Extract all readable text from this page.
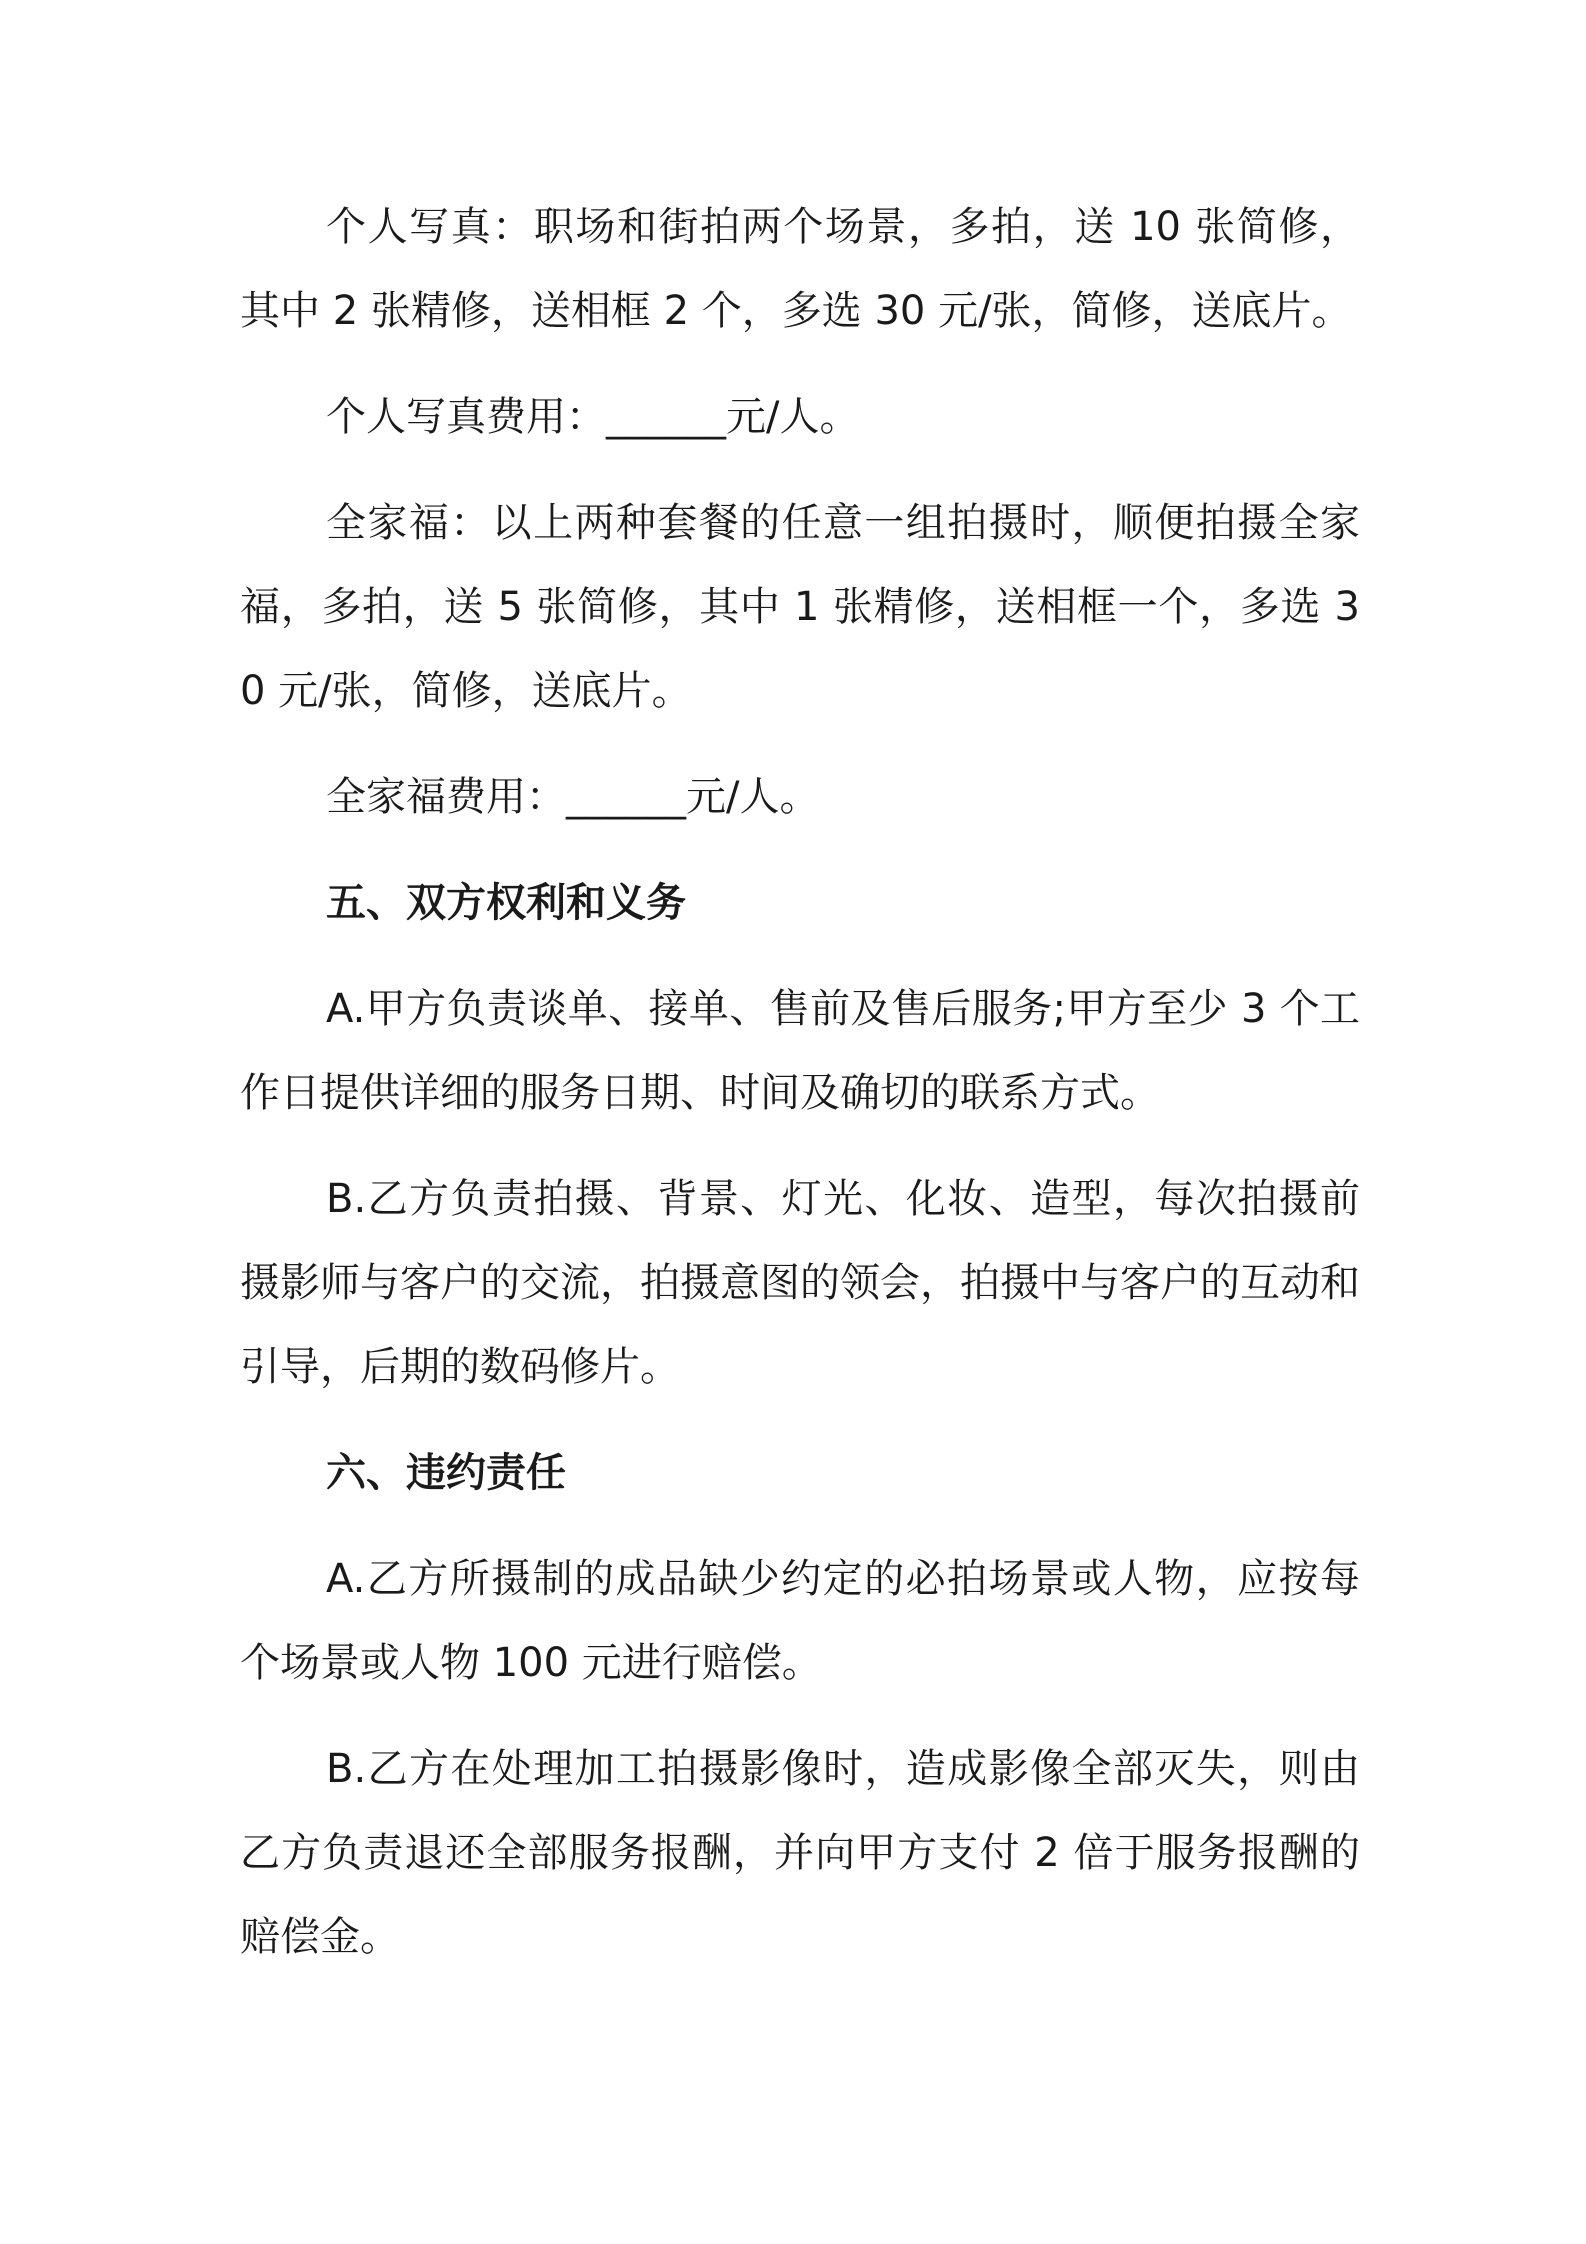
个人写真：职场和街拍两个场景，多拍，送 10 张简修，其中 2 张精修，送相框 2 个，多选 30 元/张，简修，送底片。

个人写真费用：______元/人。

全家福：以上两种套餐的任意一组拍摄时，顺便拍摄全家福，多拍，送 5 张简修，其中 1 张精修，送相框一个，多选 30 元/张，简修，送底片。

全家福费用：______元/人。

五、双方权利和义务

A.甲方负责谈单、接单、售前及售后服务;甲方至少 3 个工作日提供详细的服务日期、时间及确切的联系方式。

B.乙方负责拍摄、背景、灯光、化妆、造型，每次拍摄前摄影师与客户的交流，拍摄意图的领会，拍摄中与客户的互动和引导，后期的数码修片。

六、违约责任

A.乙方所摄制的成品缺少约定的必拍场景或人物，应按每个场景或人物 100 元进行赔偿。

B.乙方在处理加工拍摄影像时，造成影像全部灭失，则由乙方负责退还全部服务报酬，并向甲方支付 2 倍于服务报酬的赔偿金。
